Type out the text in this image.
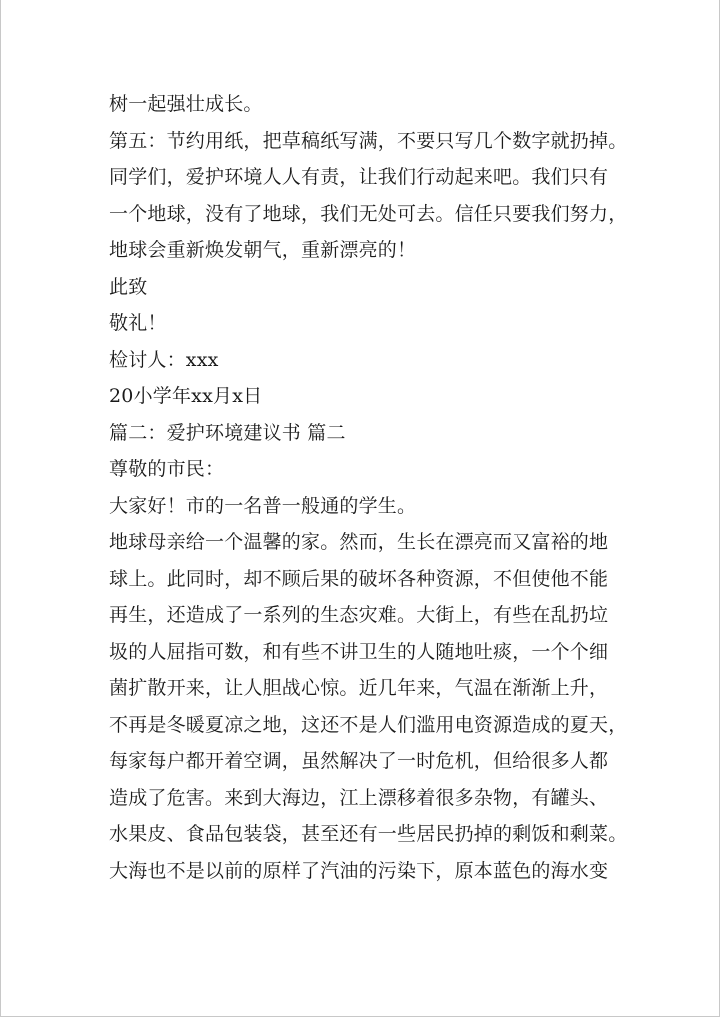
树一起强壮成长。
第五：节约用纸，把草稿纸写满，不要只写几个数字就扔掉。
同学们，爱护环境人人有责，让我们行动起来吧。我们只有
一个地球，没有了地球，我们无处可去。信任只要我们努力，
地球会重新焕发朝气，重新漂亮的！
此致
敬礼！
检讨人：xxx
20小学年xx月x日
篇二：爱护环境建议书 篇二
尊敬的市民：
大家好！市的一名普一般通的学生。
地球母亲给一个温馨的家。然而，生长在漂亮而又富裕的地
球上。此同时，却不顾后果的破坏各种资源，不但使他不能
再生，还造成了一系列的生态灾难。大街上，有些在乱扔垃
圾的人屈指可数，和有些不讲卫生的人随地吐痰，一个个细
菌扩散开来，让人胆战心惊。近几年来，气温在渐渐上升，
不再是冬暖夏凉之地，这还不是人们滥用电资源造成的夏天，
每家每户都开着空调，虽然解决了一时危机，但给很多人都
造成了危害。来到大海边，江上漂移着很多杂物，有罐头、
水果皮、食品包装袋，甚至还有一些居民扔掉的剩饭和剩菜。
大海也不是以前的原样了汽油的污染下，原本蓝色的海水变
